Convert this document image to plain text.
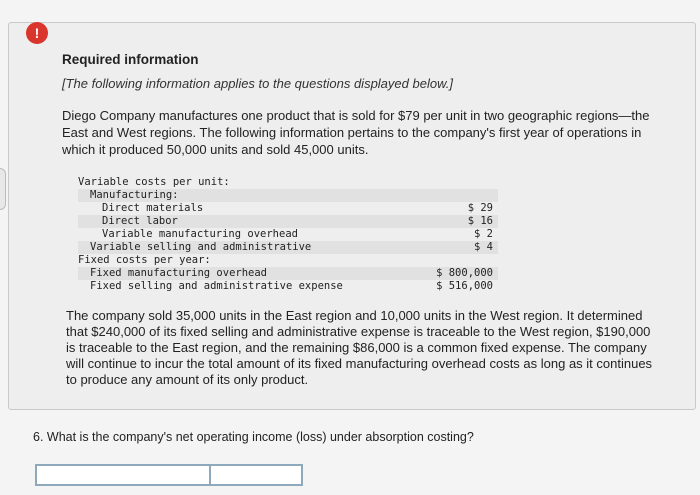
!
Required information
[The following information applies to the questions displayed below.]
Diego Company manufactures one product that is sold for $79 per unit in two geographic regions—the East and West regions. The following information pertains to the company's first year of operations in which it produced 50,000 units and sold 45,000 units.
Variable costs per unit:
Manufacturing:
Direct materials	$ 29
Direct labor	$ 16
Variable manufacturing overhead	$ 2
Variable selling and administrative	$ 4
Fixed costs per year:
Fixed manufacturing overhead	$ 800,000
Fixed selling and administrative expense	$ 516,000
The company sold 35,000 units in the East region and 10,000 units in the West region. It determined that $240,000 of its fixed selling and administrative expense is traceable to the West region, $190,000 is traceable to the East region, and the remaining $86,000 is a common fixed expense. The company will continue to incur the total amount of its fixed manufacturing overhead costs as long as it continues to produce any amount of its only product.
6. What is the company's net operating income (loss) under absorption costing?
